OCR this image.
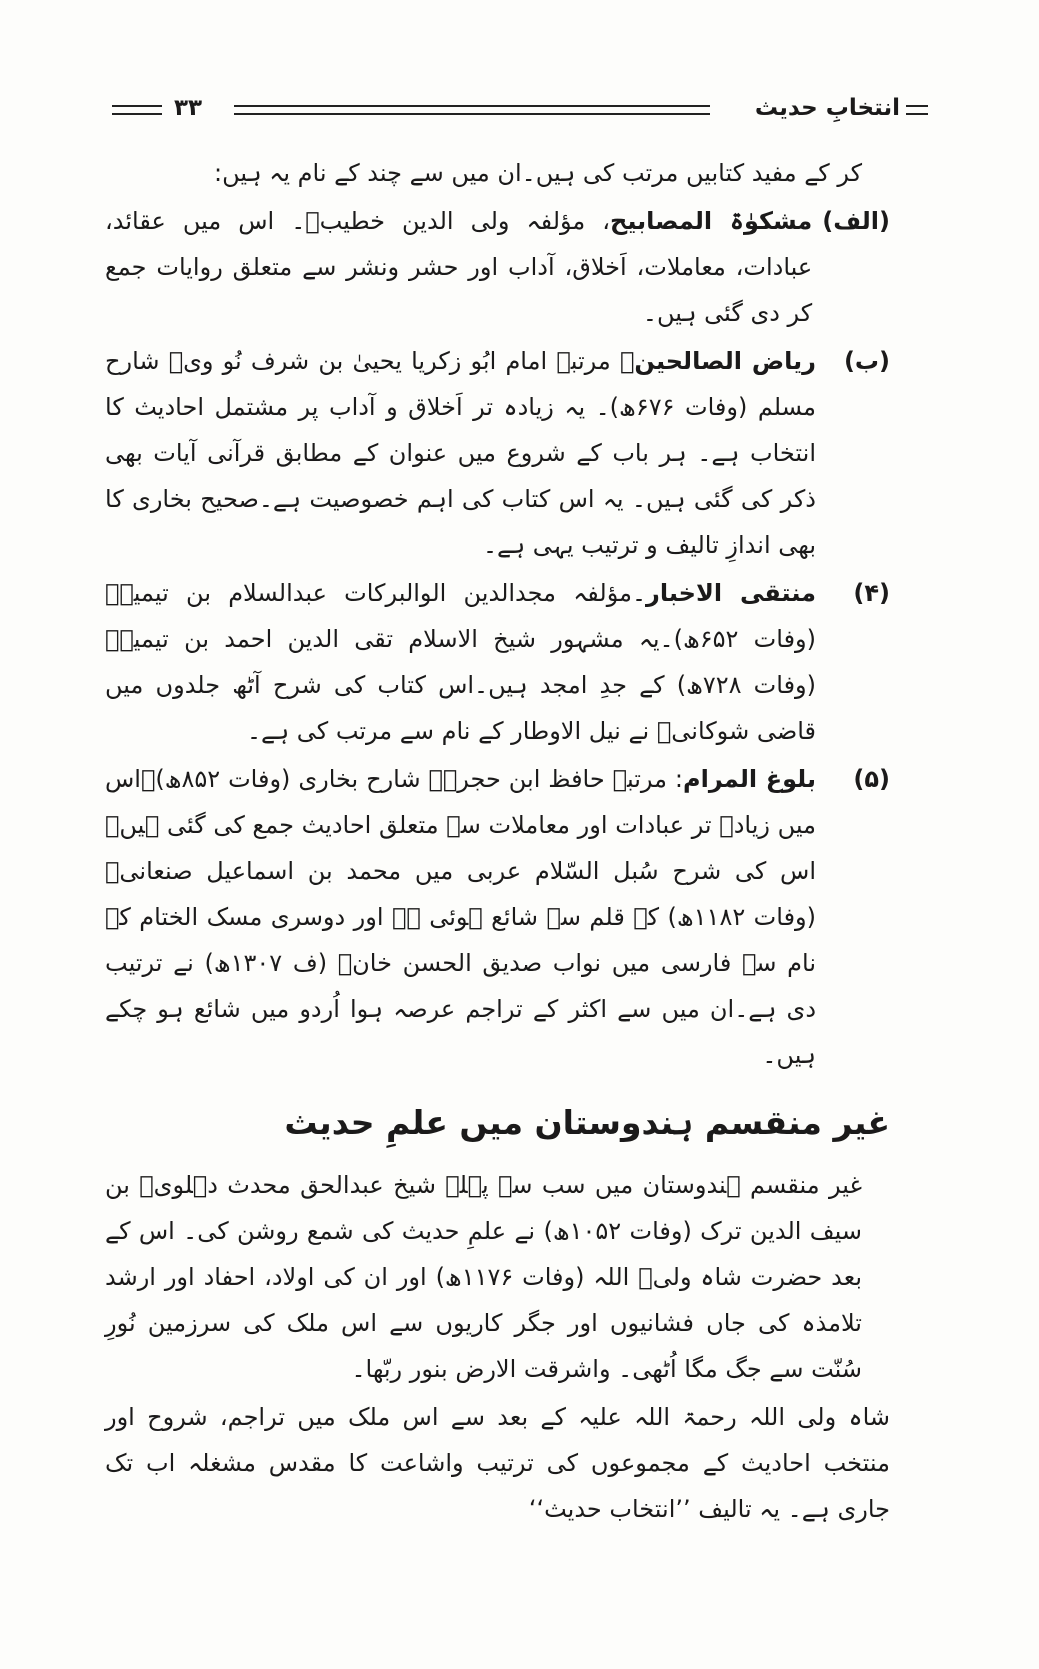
انتخابِ حدیث
۳۳

کر کے مفید کتابیں مرتب کی ہیں۔ان میں سے چند کے نام یہ ہیں:

(الف)
مشکوٰۃ المصابیح، مؤلفہ ولی الدین خطیبؒ۔ اس میں عقائد، عبادات، معاملات، اَخلاق، آداب اور حشر ونشر سے متعلق روایات جمع کر دی گئی ہیں۔
(ب)
ریاض الصالحین۔ مرتبہ امام ابُو زکریا یحییٰ بن شرف نُو ویؒ شارح مسلم (وفات ۶۷۶ھ)۔ یہ زیادہ تر اَخلاق و آداب پر مشتمل احادیث کا انتخاب ہے۔ ہر باب کے شروع میں عنوان کے مطابق قرآنی آیات بھی ذکر کی گئی ہیں۔ یہ اس کتاب کی اہم خصوصیت ہے۔صحیح بخاری کا بھی اندازِ تالیف و ترتیب یہی ہے۔
(۴)
منتقی الاخبار۔مؤلفہ مجدالدین الوالبرکات عبدالسلام بن تیمیہؒ (وفات ۶۵۲ھ)۔یہ مشہور شیخ الاسلام تقی الدین احمد بن تیمیہؒ (وفات ۷۲۸ھ) کے جدِ امجد ہیں۔اس کتاب کی شرح آٹھ جلدوں میں قاضی شوکانیؒ نے نیل الاوطار کے نام سے مرتب کی ہے۔
(۵)
بلوغ المرام: مرتبہ حافظ ابن حجرؒ۔ شارح بخاری (وفات ۸۵۲ھ)۔اس میں زیادہ تر عبادات اور معاملات سے متعلق احادیث جمع کی گئی ہیں۔اس کی شرح سُبل السّلام عربی میں محمد بن اسماعیل صنعانیؒ (وفات ۱۱۸۲ھ) کے قلم سے شائع ہوئی ہے اور دوسری مسک الختام کے نام سے فارسی میں نواب صدیق الحسن خانؒ (ف ۱۳۰۷ھ) نے ترتیب دی ہے۔ان میں سے اکثر کے تراجم عرصہ ہوا اُردو میں شائع ہو چکے ہیں۔
غیر منقسم ہندوستان میں علمِ حدیث

غیر منقسم ہندوستان میں سب سے پہلے شیخ عبدالحق محدث دہلویؒ بن سیف الدین ترک (وفات ۱۰۵۲ھ) نے علمِ حدیث کی شمع روشن کی۔ اس کے بعد حضرت شاہ ولیؒ اللہ (وفات ۱۱۷۶ھ) اور ان کی اولاد، احفاد اور ارشد تلامذہ کی جاں فشانیوں اور جگر کاریوں سے اس ملک کی سرزمین نُورِ سُنّت سے جگ مگا اُٹھی۔ واشرقت الارض بنور ربّھا۔

شاہ ولی اللہ رحمۃ اللہ علیہ کے بعد سے اس ملک میں تراجم، شروح اور منتخب احادیث کے مجموعوں کی ترتیب واشاعت کا مقدس مشغلہ اب تک جاری ہے۔ یہ تالیف ’’انتخاب حدیث‘‘
